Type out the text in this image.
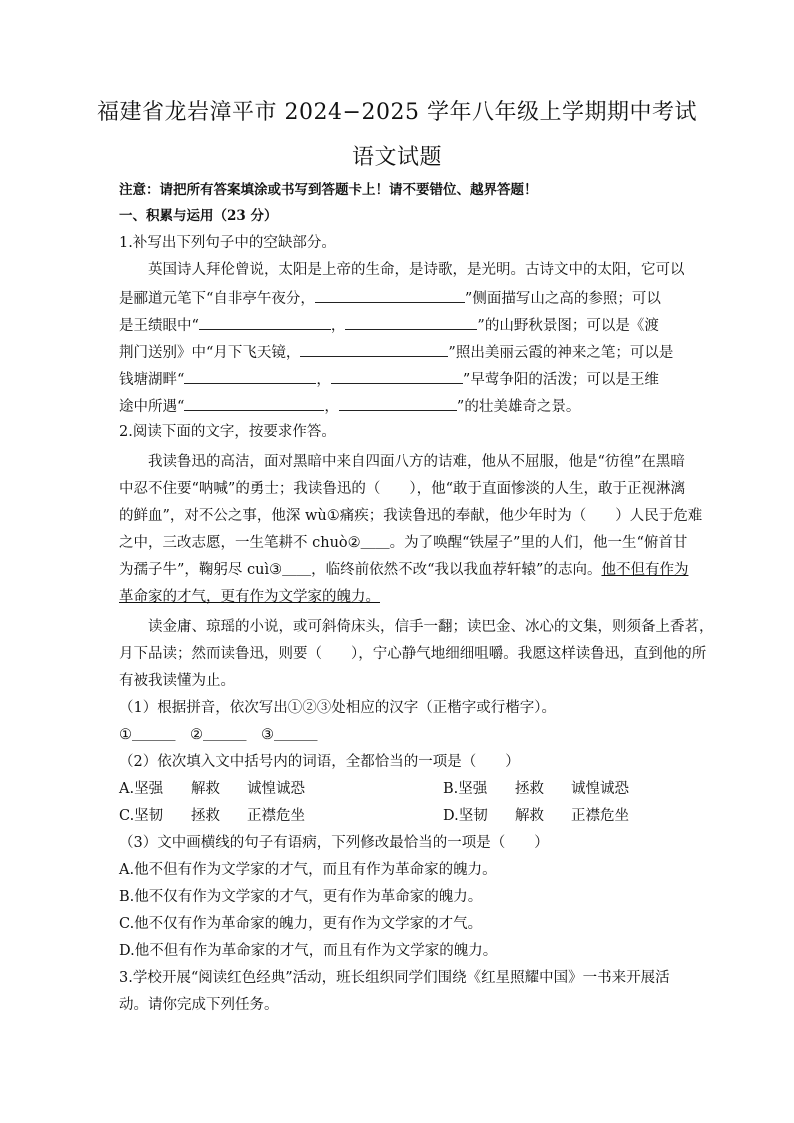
福建省龙岩漳平市 2024−2025 学年八年级上学期期中考试
语文试题
注意：请把所有答案填涂或书写到答题卡上！请不要错位、越界答题！
一、积累与运用（23 分）
1.补写出下列句子中的空缺部分。
英国诗人拜伦曾说，太阳是上帝的生命，是诗歌，是光明。古诗文中的太阳，它可以
是郦道元笔下“自非亭午夜分，	”侧面描写山之高的参照；可以
是王绩眼中“	，	”的山野秋景图；可以是《渡
荆门送别》中“月下飞天镜，	”照出美丽云霞的神来之笔；可以是
钱塘湖畔“	，	”早莺争阳的活泼；可以是王维
途中所遇“	，	”的壮美雄奇之景。
2.阅读下面的文字，按要求作答。
我读鲁迅的高洁，面对黑暗中来自四面八方的诘难，他从不屈服，他是“彷徨”在黑暗
中忍不住要“呐喊”的勇士；我读鲁迅的（　　），他“敢于直面惨淡的人生，敢于正视淋漓
的鲜血”，对不公之事，他深 wù①痛疾；我读鲁迅的奉献，他少年时为（　　）人民于危难
之中，三改志愿，一生笔耕不 chuò②＿＿。为了唤醒“铁屋子”里的人们，他一生“俯首甘
为孺子牛”，鞠躬尽 cuì③＿＿，临终前依然不改“我以我血荐轩辕”的志向。他不但有作为
革命家的才气，更有作为文学家的魄力。
读金庸、琼瑶的小说，或可斜倚床头，信手一翻；读巴金、冰心的文集，则须备上香茗，
月下品读；然而读鲁迅，则要（　　），宁心静气地细细咀嚼。我愿这样读鲁迅，直到他的所
有被我读懂为止。
（1）根据拼音，依次写出①②③处相应的汉字（正楷字或行楷字）。
①＿＿＿　②＿＿＿　③＿＿＿
（2）依次填入文中括号内的词语，全都恰当的一项是（　　）
A.坚强 解救 诚惶诚恐	B.坚强 拯救 诚惶诚恐
C.坚韧 拯救 正襟危坐	D.坚韧 解救 正襟危坐
（3）文中画横线的句子有语病，下列修改最恰当的一项是（　　）
A.他不但有作为文学家的才气，而且有作为革命家的魄力。
B.他不仅有作为文学家的才气，更有作为革命家的魄力。
C.他不仅有作为革命家的魄力，更有作为文学家的才气。
D.他不但有作为革命家的才气，而且有作为文学家的魄力。
3.学校开展“阅读红色经典”活动，班长组织同学们围绕《红星照耀中国》一书来开展活
动。请你完成下列任务。
